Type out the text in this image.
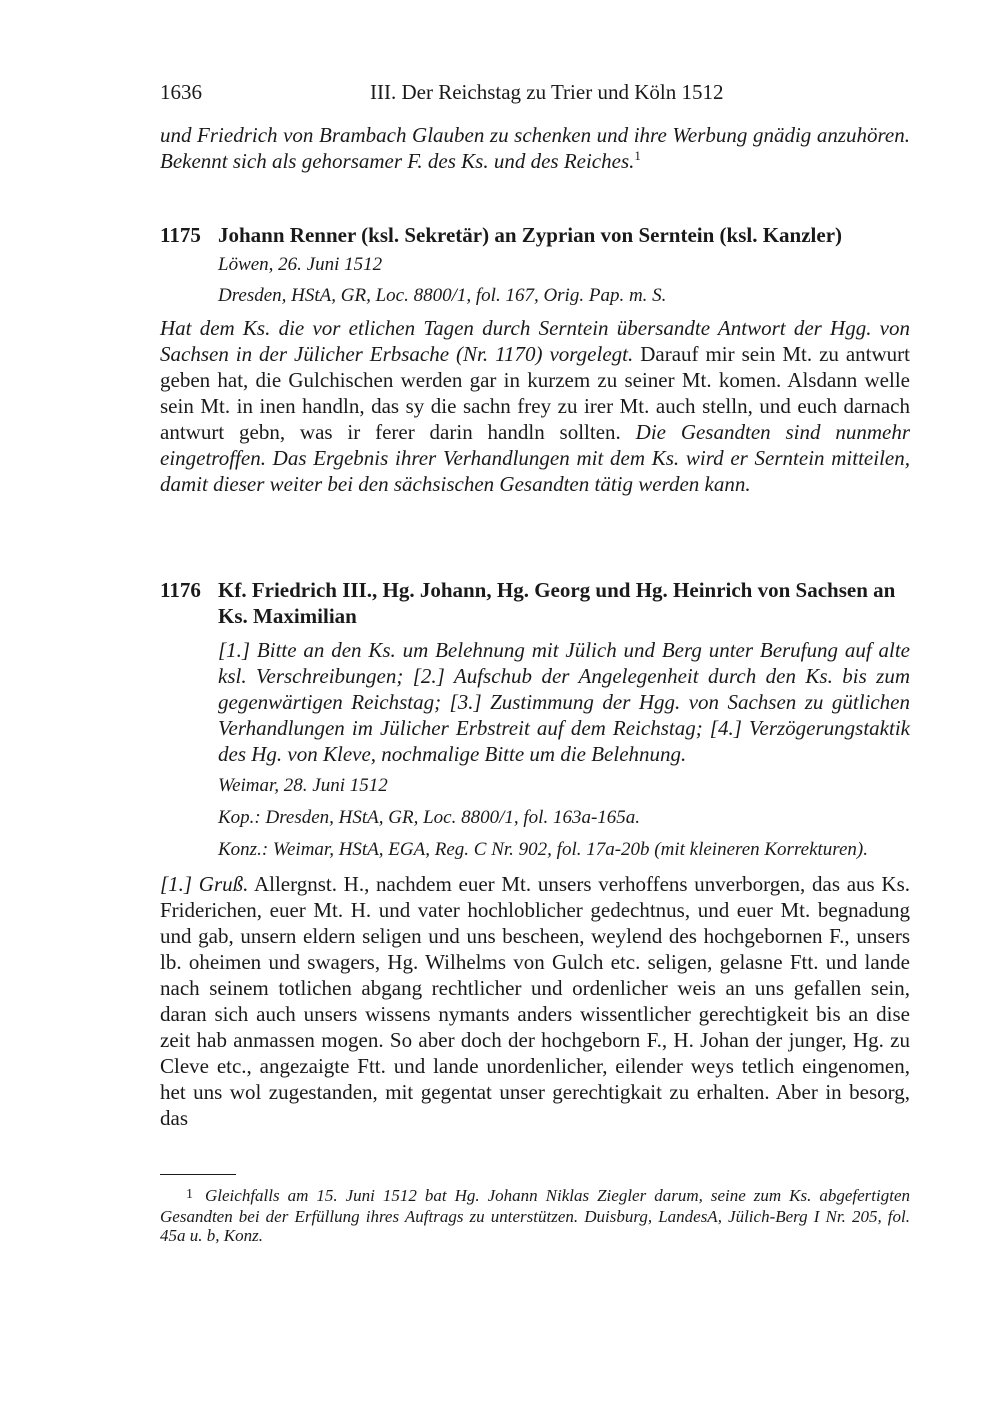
1636	III. Der Reichstag zu Trier und Köln 1512

und Friedrich von Brambach Glauben zu schenken und ihre Werbung gnädig anzuhören. Bekennt sich als gehorsamer F. des Ks. und des Reiches.$^1$

1175 Johann Renner (ksl. Sekretär) an Zyprian von Serntein (ksl. Kanzler)

Löwen, 26. Juni 1512

Dresden, HStA, GR, Loc. 8800/1, fol. 167, Orig. Pap. m. S.

Hat dem Ks. die vor etlichen Tagen durch Serntein übersandte Antwort der Hgg. von Sachsen in der Jülicher Erbsache (Nr. 1170) vorgelegt. Darauf mir sein Mt. zu antwurt geben hat, die Gulchischen werden gar in kurzem zu seiner Mt. komen. Alsdann welle sein Mt. in inen handln, das sy die sachn frey zu irer Mt. auch stelln, und euch darnach antwurt gebn, was ir ferer darin handln sollten. Die Gesandten sind nunmehr eingetroffen. Das Ergebnis ihrer Verhandlungen mit dem Ks. wird er Serntein mitteilen, damit dieser weiter bei den sächsischen Gesandten tätig werden kann.

1176 Kf. Friedrich III., Hg. Johann, Hg. Georg und Hg. Heinrich von Sachsen an Ks. Maximilian

[1.] Bitte an den Ks. um Belehnung mit Jülich und Berg unter Berufung auf alte ksl. Verschreibungen; [2.] Aufschub der Angelegenheit durch den Ks. bis zum gegenwärtigen Reichstag; [3.] Zustimmung der Hgg. von Sachsen zu gütlichen Verhandlungen im Jülicher Erbstreit auf dem Reichstag; [4.] Verzögerungstaktik des Hg. von Kleve, nochmalige Bitte um die Belehnung.

Weimar, 28. Juni 1512

Kop.: Dresden, HStA, GR, Loc. 8800/1, fol. 163a-165a.

Konz.: Weimar, HStA, EGA, Reg. C Nr. 902, fol. 17a-20b (mit kleineren Korrekturen).

[1.] Gruß. Allergnst. H., nachdem euer Mt. unsers verhoffens unverborgen, das aus Ks. Friderichen, euer Mt. H. und vater hochloblicher gedechtnus, und euer Mt. begnadung und gab, unsern eldern seligen und uns bescheen, weylend des hochgebornen F., unsers lb. oheimen und swagers, Hg. Wilhelms von Gulch etc. seligen, gelasne Ftt. und lande nach seinem totlichen abgang rechtlicher und ordenlicher weis an uns gefallen sein, daran sich auch unsers wissens nymants anders wissentlicher gerechtigkeit bis an dise zeit hab anmassen mogen. So aber doch der hochgeborn F., H. Johan der junger, Hg. zu Cleve etc., angezaigte Ftt. und lande unordenlicher, eilender weys tetlich eingenomen, het uns wol zugestanden, mit gegentat unser gerechtigkait zu erhalten. Aber in besorg, das

1 Gleichfalls am 15. Juni 1512 bat Hg. Johann Niklas Ziegler darum, seine zum Ks. abgefertigten Gesandten bei der Erfüllung ihres Auftrags zu unterstützen. Duisburg, LandesA, Jülich-Berg I Nr. 205, fol. 45a u. b, Konz.
